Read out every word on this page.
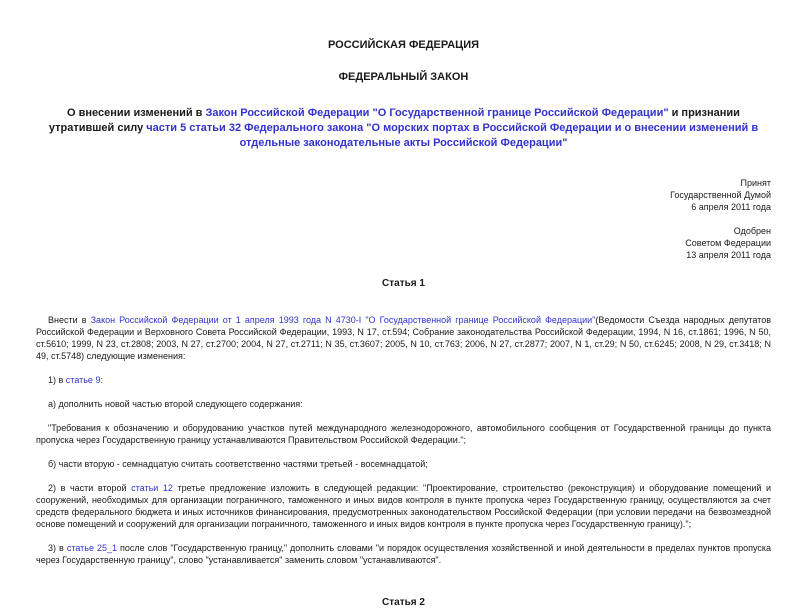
РОССИЙСКАЯ ФЕДЕРАЦИЯ
ФЕДЕРАЛЬНЫЙ ЗАКОН
О внесении изменений в Закон Российской Федерации "О Государственной границе Российской Федерации" и признании утратившей силу части 5 статьи 32 Федерального закона "О морских портах в Российской Федерации и о внесении изменений в отдельные законодательные акты Российской Федерации"
Принят
Государственной Думой
6 апреля 2011 года
Одобрен
Советом Федерации
13 апреля 2011 года
Статья 1

Внести в Закон Российской Федерации от 1 апреля 1993 года N 4730-I "О Государственной границе Российской Федерации"(Ведомости Съезда народных депутатов Российской Федерации и Верховного Совета Российской Федерации, 1993, N 17, ст.594; Собрание законодательства Российской Федерации, 1994, N 16, ст.1861; 1996, N 50, ст.5610; 1999, N 23, ст.2808; 2003, N 27, ст.2700; 2004, N 27, ст.2711; N 35, ст.3607; 2005, N 10, ст.763; 2006, N 27, ст.2877; 2007, N 1, ст.29; N 50, ст.6245; 2008, N 29, ст.3418; N 49, ст.5748) следующие изменения:

1) в статье 9:

а) дополнить новой частью второй следующего содержания:

"Требования к обозначению и оборудованию участков путей международного железнодорожного, автомобильного сообщения от Государственной границы до пункта пропуска через Государственную границу устанавливаются Правительством Российской Федерации.";

б) части вторую - семнадцатую считать соответственно частями третьей - восемнадцатой;

2) в части второй статьи 12 третье предложение изложить в следующей редакции: "Проектирование, строительство (реконструкция) и оборудование помещений и сооружений, необходимых для организации пограничного, таможенного и иных видов контроля в пункте пропуска через Государственную границу, осуществляются за счет средств федерального бюджета и иных источников финансирования, предусмотренных законодательством Российской Федерации (при условии передачи на безвозмездной основе помещений и сооружений для организации пограничного, таможенного и иных видов контроля в пункте пропуска через Государственную границу).";

3) в статье 25_1 после слов "Государственную границу," дополнить словами "и порядок осуществления хозяйственной и иной деятельности в пределах пунктов пропуска через Государственную границу", слово "устанавливается" заменить словом "устанавливаются".

Статья 2
